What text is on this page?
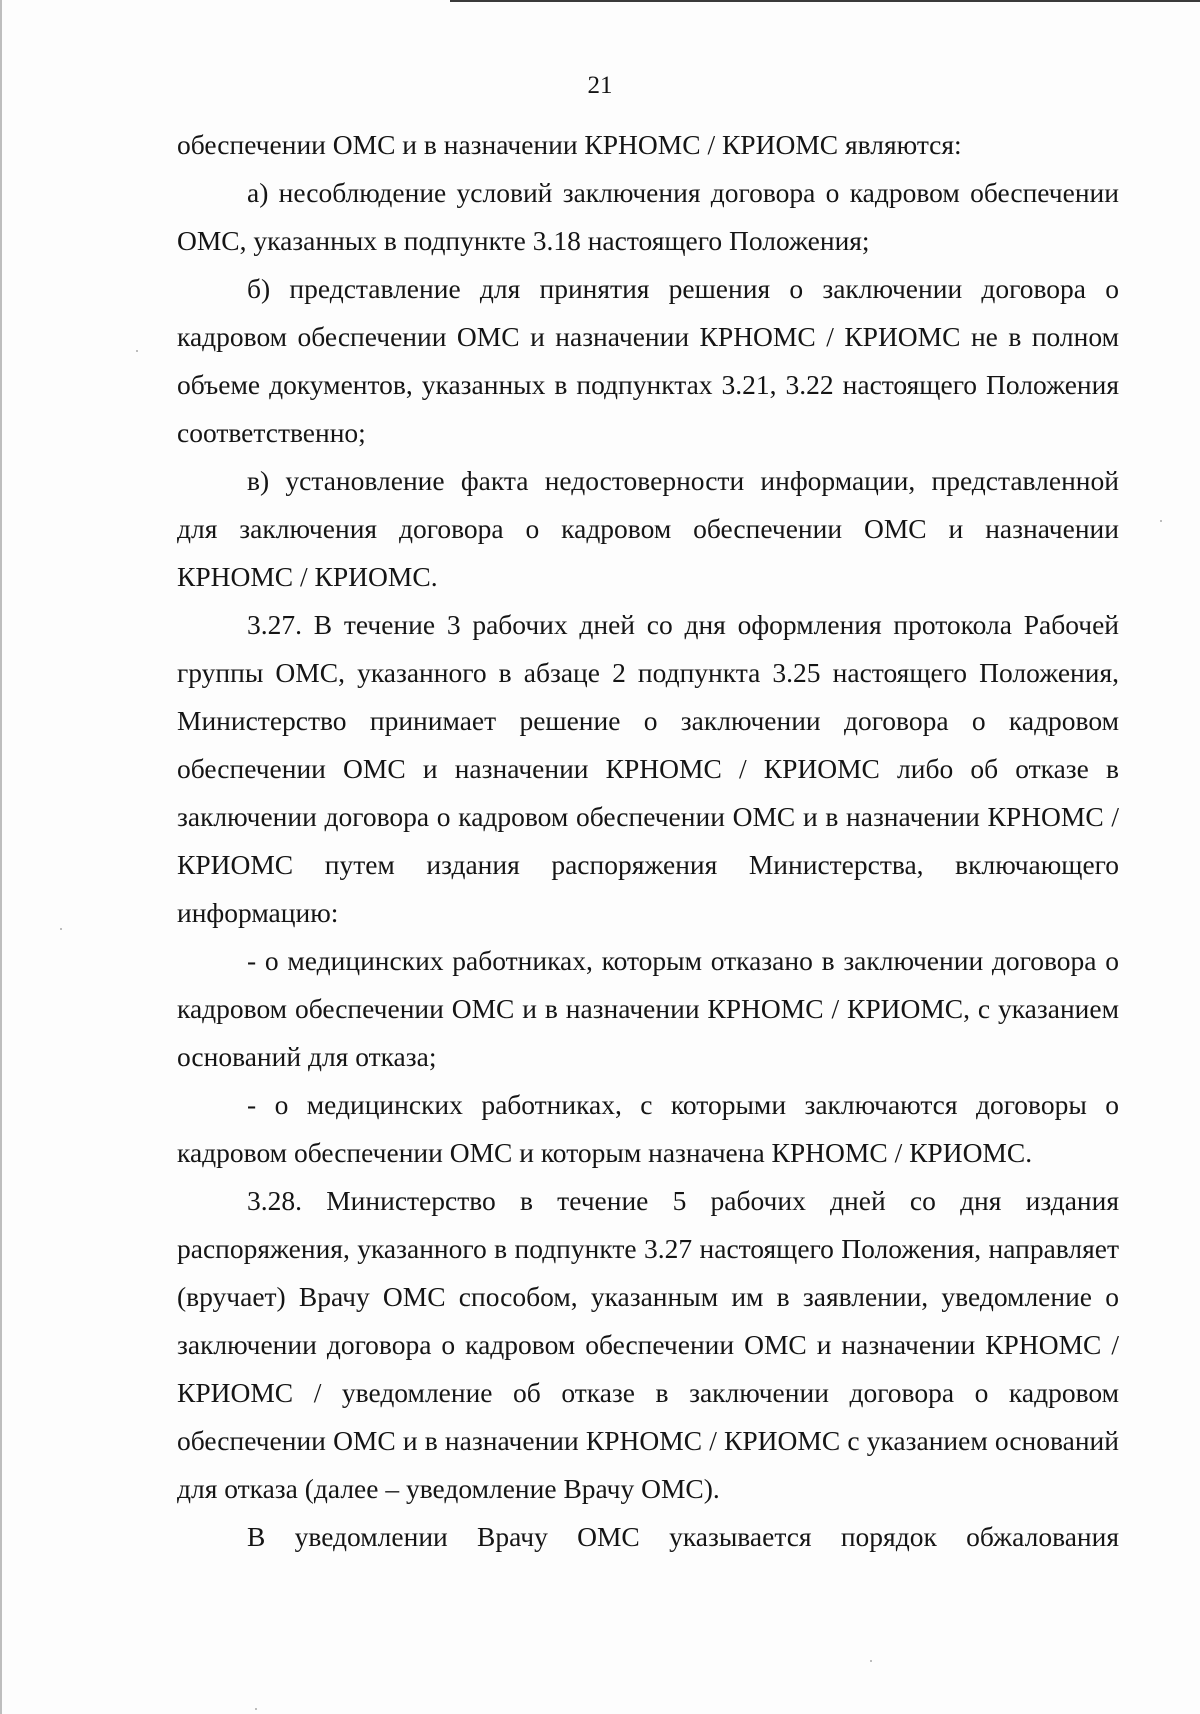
21

обеспечении ОМС и в назначении КРНОМС / КРИОМС являются:

а) несоблюдение условий заключения договора о кадровом обеспечении ОМС, указанных в подпункте 3.18 настоящего Положения;

б) представление для принятия решения о заключении договора о кадровом обеспечении ОМС и назначении КРНОМС / КРИОМС не в полном объеме документов, указанных в подпунктах 3.21, 3.22 настоящего Положения соответственно;

в) установление факта недостоверности информации, представленной для заключения договора о кадровом обеспечении ОМС и назначении КРНОМС / КРИОМС.

3.27. В течение 3 рабочих дней со дня оформления протокола Рабочей группы ОМС, указанного в абзаце 2 подпункта 3.25 настоящего Положения, Министерство принимает решение о заключении договора о кадровом обеспечении ОМС и назначении КРНОМС / КРИОМС либо об отказе в заключении договора о кадровом обеспечении ОМС и в назначении КРНОМС / КРИОМС путем издания распоряжения Министерства, включающего информацию:

- о медицинских работниках, которым отказано в заключении договора о кадровом обеспечении ОМС и в назначении КРНОМС / КРИОМС, с указанием оснований для отказа;

- о медицинских работниках, с которыми заключаются договоры о кадровом обеспечении ОМС и которым назначена КРНОМС / КРИОМС.

3.28. Министерство в течение 5 рабочих дней со дня издания распоряжения, указанного в подпункте 3.27 настоящего Положения, направляет (вручает) Врачу ОМС способом, указанным им в заявлении, уведомление о заключении договора о кадровом обеспечении ОМС и назначении КРНОМС / КРИОМС / уведомление об отказе в заключении договора о кадровом обеспечении ОМС и в назначении КРНОМС / КРИОМС с указанием оснований для отказа (далее – уведомление Врачу ОМС).

В уведомлении Врачу ОМС указывается порядок обжалования
